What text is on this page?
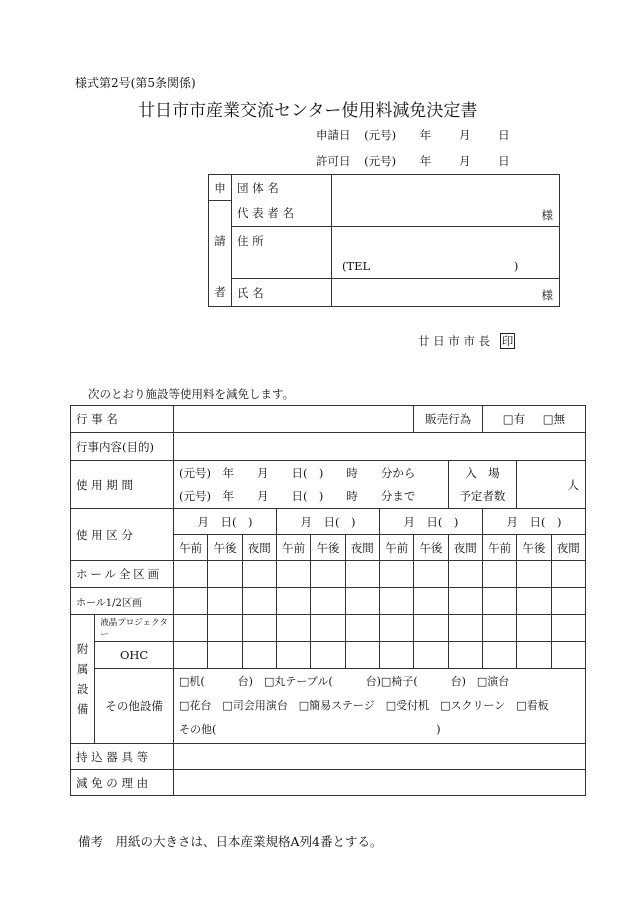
様式第2号(第5条関係)
廿日市市産業交流センター使用料減免決定書
申請日 (元号) 年 月 日
許可日 (元号) 年 月 日
申	団 体 名	
	代 表 者 名	様
請	住 所	
		(TEL )
者	氏 名	様
廿 日 市 市 長 印
次のとおり施設等使用料を減免します。
行 事 名									販売行為		□有 □無		
行事内容(目的)													
使 用 期 間		(元号)　年　　月　　日(　)　　時　　分から								入　場		人	
		(元号)　年　　月　　日(　)　　時　　分まで								予定者数			
使 用 区 分		月　日(　)			月　日(　)			月　日(　)			月　日(　)		
		午前	午後	夜間	午前	午後	夜間	午前	午後	夜間	午前	午後	夜間
ホール全区画													
ホール1/2区画													
附
属
設
備	液晶プロジェクター												
	OHC												
	その他設備	□机(　　　台)　□丸テーブル(　　　台)□椅子(　　　台)　□演台											
		□花台　□司会用演台　□簡易ステージ　□受付机　□スクリーン　□看板
その他(　　　　　　　　　　　　　　　　　　　　)											
持 込 器 具 等													
減 免 の 理 由													
備考　用紙の大きさは、日本産業規格A列4番とする。
